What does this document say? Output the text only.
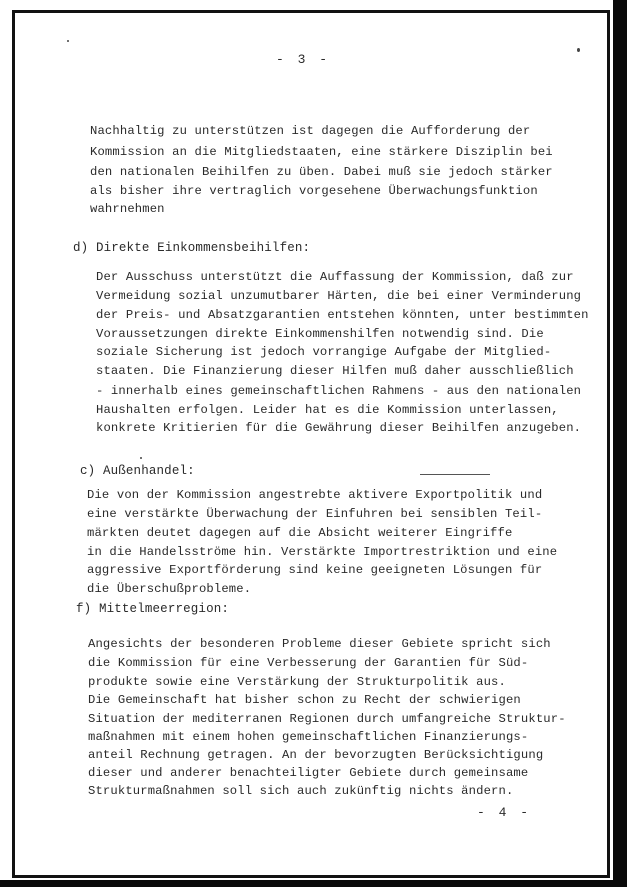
- 3 -
Nachhaltig zu unterstützen ist dagegen die Aufforderung der
Kommission an die Mitgliedstaaten, eine stärkere Disziplin bei
den nationalen Beihilfen zu üben. Dabei muß sie jedoch stärker
als bisher ihre vertraglich vorgesehene Überwachungsfunktion
wahrnehmen
d) Direkte Einkommensbeihilfen:
Der Ausschuss unterstützt die Auffassung der Kommission, daß zur
Vermeidung sozial unzumutbarer Härten, die bei einer Verminderung
der Preis- und Absatzgarantien entstehen könnten, unter bestimmten
Voraussetzungen direkte Einkommenshilfen notwendig sind. Die
soziale Sicherung ist jedoch vorrangige Aufgabe der Mitglied-
staaten. Die Finanzierung dieser Hilfen muß daher ausschließlich
- innerhalb eines gemeinschaftlichen Rahmens - aus den nationalen
Haushalten erfolgen. Leider hat es die Kommission unterlassen,
konkrete Kritierien für die Gewährung dieser Beihilfen anzugeben.
c) Außenhandel:
Die von der Kommission angestrebte aktivere Exportpolitik und
eine verstärkte Überwachung der Einfuhren bei sensiblen Teil-
märkten deutet dagegen auf die Absicht weiterer Eingriffe
in die Handelsströme hin. Verstärkte Importrestriktion und eine
aggressive Exportförderung sind keine geeigneten Lösungen für
die Überschußprobleme.
f) Mittelmeerregion:
Angesichts der besonderen Probleme dieser Gebiete spricht sich
die Kommission für eine Verbesserung der Garantien für Süd-
produkte sowie eine Verstärkung der Strukturpolitik aus.
Die Gemeinschaft hat bisher schon zu Recht der schwierigen
Situation der mediterranen Regionen durch umfangreiche Struktur-
maßnahmen mit einem hohen gemeinschaftlichen Finanzierungs-
anteil Rechnung getragen. An der bevorzugten Berücksichtigung
dieser und anderer benachteiligter Gebiete durch gemeinsame
Strukturmaßnahmen soll sich auch zukünftig nichts ändern.
- 4 -
